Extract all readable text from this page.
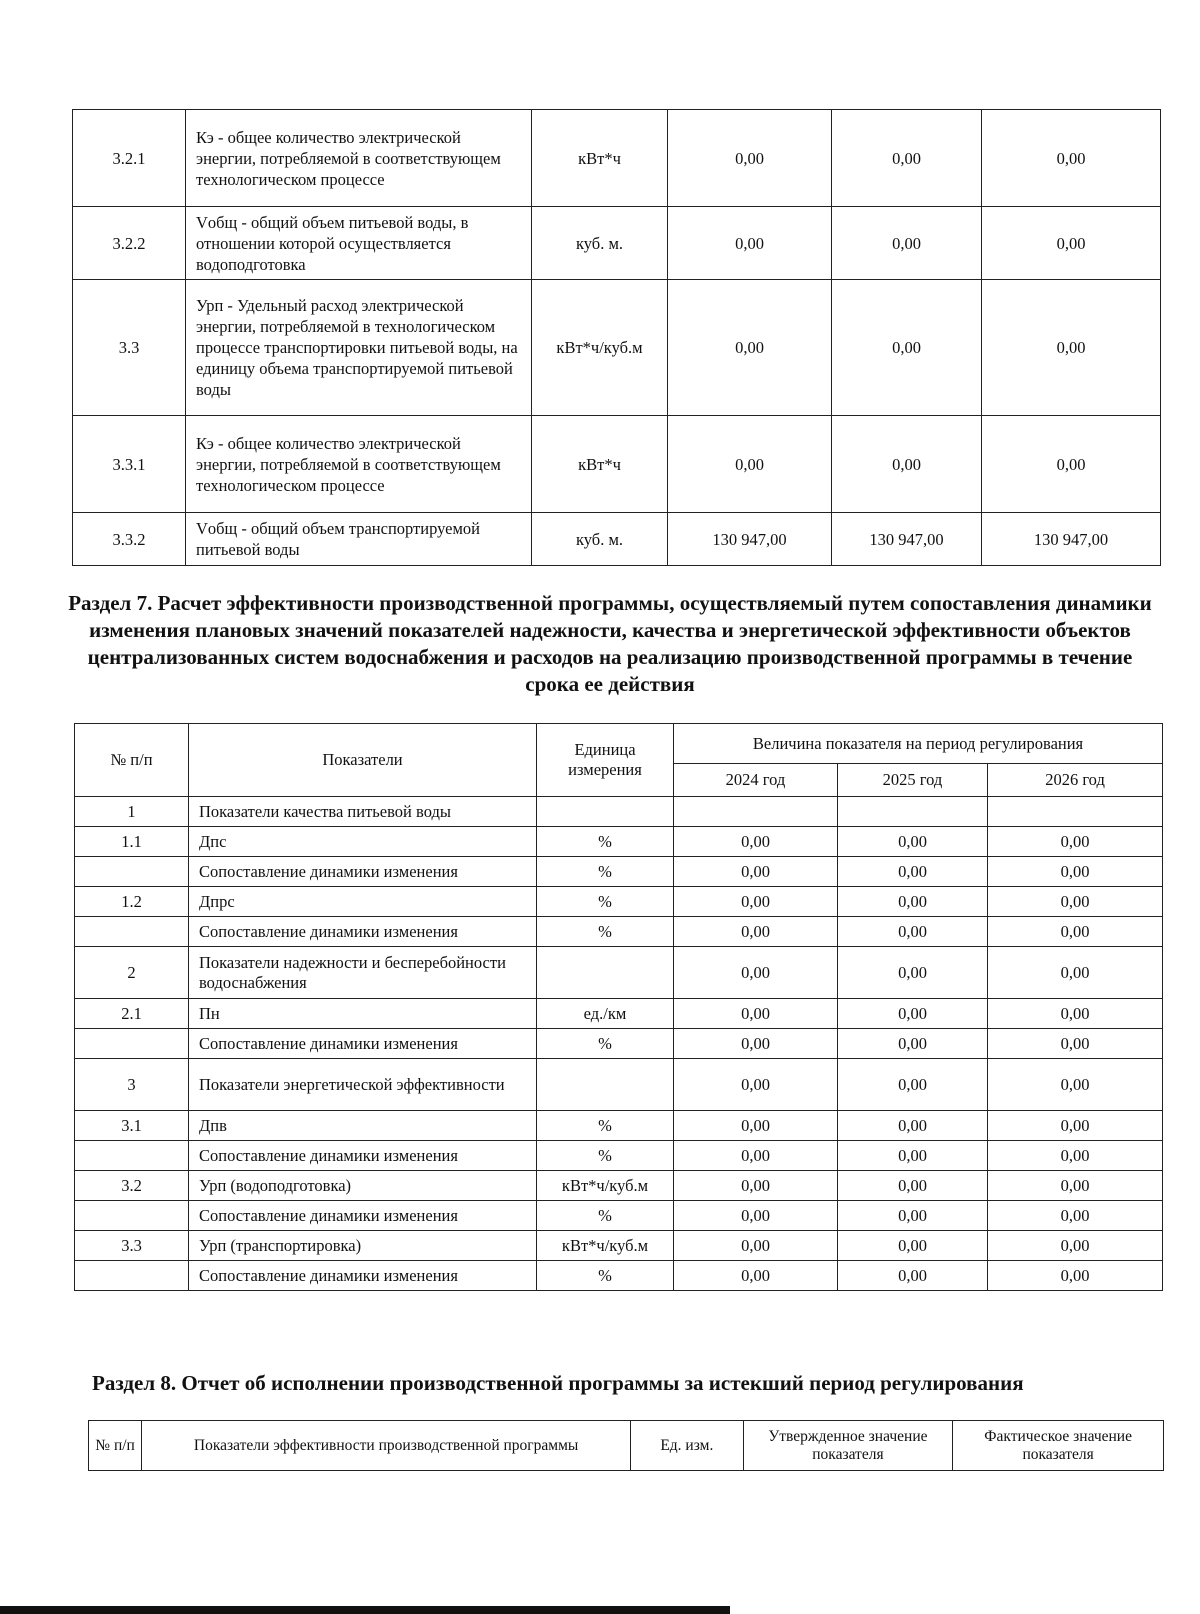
3.2.1	Кэ - общее количество электрической энергии, потребляемой в соответствующем технологическом процессе	кВт*ч	0,00	0,00	0,00
3.2.2	Vобщ - общий объем питьевой воды, в отношении которой осуществляется водоподготовка	куб. м.	0,00	0,00	0,00
3.3	Урп - Удельный расход электрической энергии, потребляемой в технологическом процессе транспортировки питьевой воды, на единицу объема транспортируемой питьевой воды	кВт*ч/куб.м	0,00	0,00	0,00
3.3.1	Кэ - общее количество электрической энергии, потребляемой в соответствующем технологическом процессе	кВт*ч	0,00	0,00	0,00
3.3.2	Vобщ - общий объем транспортируемой питьевой воды	куб. м.	130 947,00	130 947,00	130 947,00
Раздел 7. Расчет эффективности производственной программы, осуществляемый путем сопоставления динамики изменения плановых значений показателей надежности, качества и энергетической эффективности объектов централизованных систем водоснабжения и расходов на реализацию производственной программы в течение срока ее действия
№ п/п	Показатели	Единица измерения	Величина показателя на период регулирования		
			2024 год	2025 год	2026 год
1	Показатели качества питьевой воды				
1.1	Дпс	%	0,00	0,00	0,00
	Сопоставление динамики изменения	%	0,00	0,00	0,00
1.2	Дпрс	%	0,00	0,00	0,00
	Сопоставление динамики изменения	%	0,00	0,00	0,00
2	Показатели надежности и бесперебойности водоснабжения		0,00	0,00	0,00
2.1	Пн	ед./км	0,00	0,00	0,00
	Сопоставление динамики изменения	%	0,00	0,00	0,00
3	Показатели энергетической эффективности		0,00	0,00	0,00
3.1	Дпв	%	0,00	0,00	0,00
	Сопоставление динамики изменения	%	0,00	0,00	0,00
3.2	Урп (водоподготовка)	кВт*ч/куб.м	0,00	0,00	0,00
	Сопоставление динамики изменения	%	0,00	0,00	0,00
3.3	Урп (транспортировка)	кВт*ч/куб.м	0,00	0,00	0,00
	Сопоставление динамики изменения	%	0,00	0,00	0,00
Раздел 8. Отчет об исполнении производственной программы за истекший период регулирования
№ п/п	Показатели эффективности производственной программы	Ед. изм.	Утвержденное значение показателя	Фактическое значение показателя
